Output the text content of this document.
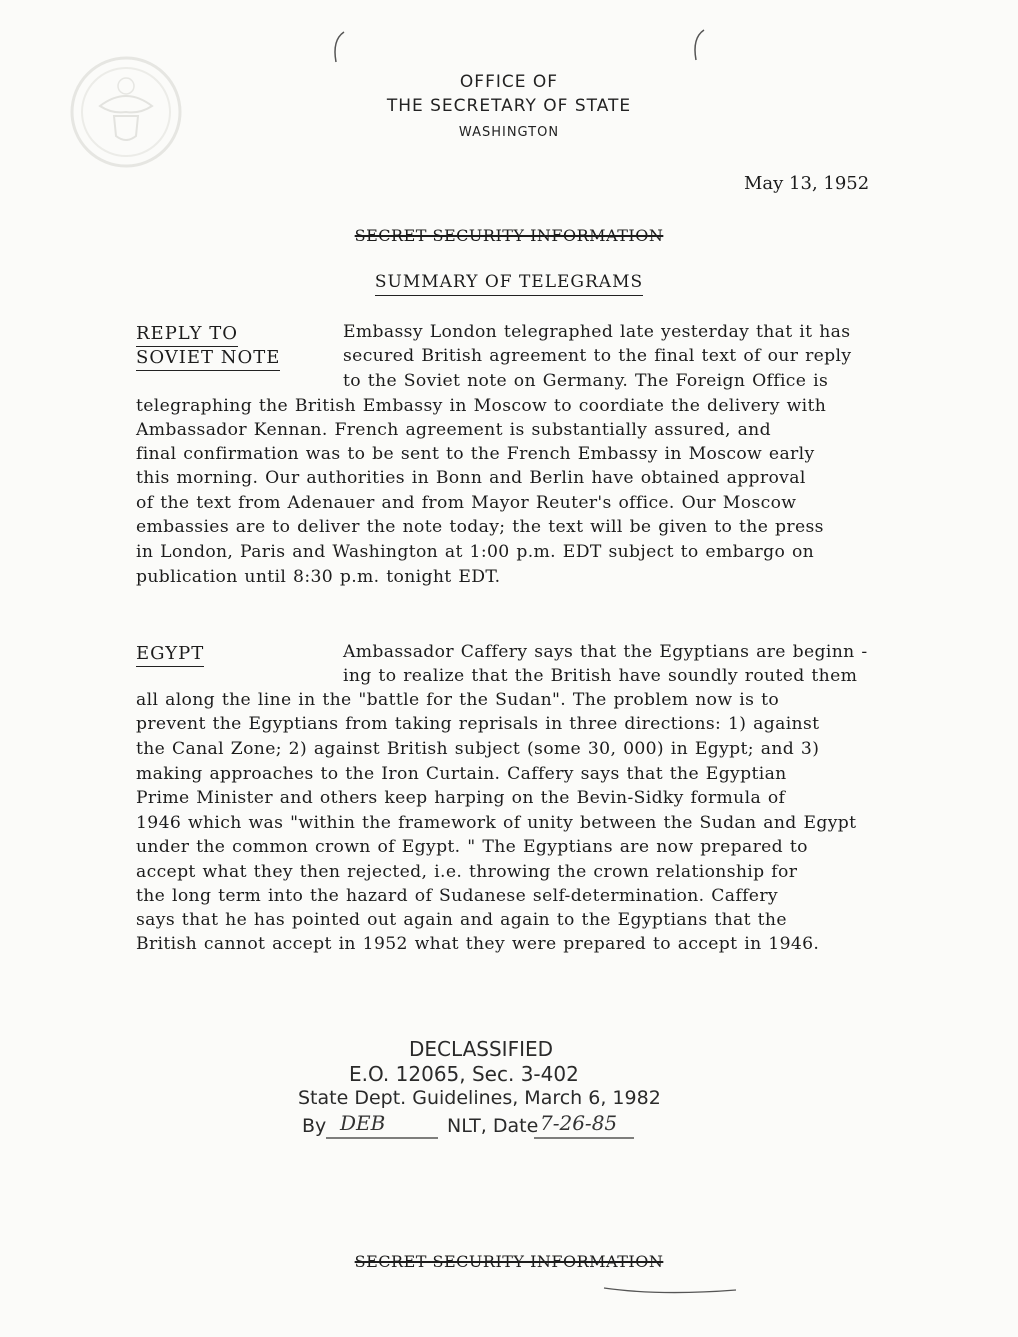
OFFICE OF
THE SECRETARY OF STATE
WASHINGTON
May 13, 1952
SECRET SECURITY INFORMATION
SUMMARY OF TELEGRAMS
REPLY TO
SOVIET NOTE
Embassy London telegraphed late yesterday that it has
secured British agreement to the final text of our reply
to the Soviet note on Germany. The Foreign Office is
telegraphing the British Embassy in Moscow to coordiate the delivery with
Ambassador Kennan. French agreement is substantially assured, and
final confirmation was to be sent to the French Embassy in Moscow early
this morning. Our authorities in Bonn and Berlin have obtained approval
of the text from Adenauer and from Mayor Reuter's office. Our Moscow
embassies are to deliver the note today; the text will be given to the press
in London, Paris and Washington at 1:00 p.m. EDT subject to embargo on
publication until 8:30 p.m. tonight EDT.
EGYPT	Ambassador Caffery says that the Egyptians are beginn -
ing to realize that the British have soundly routed them
all along the line in the "battle for the Sudan". The problem now is to
prevent the Egyptians from taking reprisals in three directions: 1) against
the Canal Zone; 2) against British subject (some 30, 000) in Egypt; and 3)
making approaches to the Iron Curtain. Caffery says that the Egyptian
Prime Minister and others keep harping on the Bevin-Sidky formula of
1946 which was "within the framework of unity between the Sudan and Egypt
under the common crown of Egypt. " The Egyptians are now prepared to
accept what they then rejected, i.e. throwing the crown relationship for
the long term into the hazard of Sudanese self-determination. Caffery
says that he has pointed out again and again to the Egyptians that the
British cannot accept in 1952 what they were prepared to accept in 1946.
DECLASSIFIED
E.O. 12065, Sec. 3-402
State Dept. Guidelines, March 6, 1982
By DEB	NLT, Date 7-26-85
SECRET SECURITY INFORMATION
